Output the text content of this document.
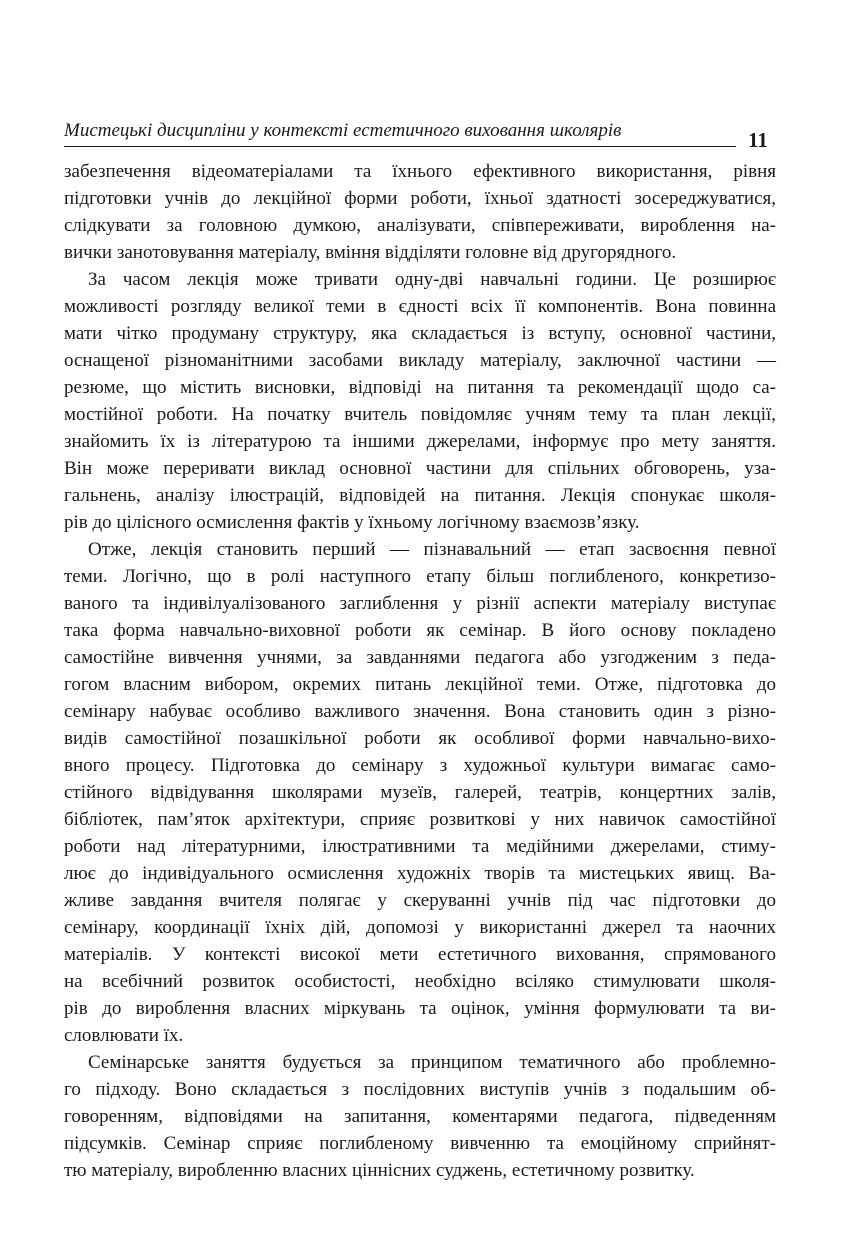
Мистецькі дисципліни у контексті естетичного виховання школярів	11
забезпечення відеоматеріалами та їхнього ефективного використання, рівня
підготовки учнів до лекційної форми роботи, їхньої здатності зосереджуватися,
слідкувати за головною думкою, аналізувати, співпереживати, вироблення на-
вички занотовування матеріалу, вміння відділяти головне від другорядного.
За часом лекція може тривати одну-дві навчальні години. Це розширює
можливості розгляду великої теми в єдності всіх її компонентів. Вона повинна
мати чітко продуману структуру, яка складається із вступу, основної частини,
оснащеної різноманітними засобами викладу матеріалу, заключної частини —
резюме, що містить висновки, відповіді на питання та рекомендації щодо са-
мостійної роботи. На початку вчитель повідомляє учням тему та план лекції,
знайомить їх із літературою та іншими джерелами, інформує про мету заняття.
Він може переривати виклад основної частини для спільних обговорень, уза-
гальнень, аналізу ілюстрацій, відповідей на питання. Лекція спонукає школя-
рів до цілісного осмислення фактів у їхньому логічному взаємозв’язку.
Отже, лекція становить перший — пізнавальний — етап засвоєння певної
теми. Логічно, що в ролі наступного етапу більш поглибленого, конкретизо-
ваного та індивілуалізованого заглиблення у різнії аспекти матеріалу виступає
така форма навчально-виховної роботи як семінар. В його основу покладено
самостійне вивчення учнями, за завданнями педагога або узгодженим з педа-
гогом власним вибором, окремих питань лекційної теми. Отже, підготовка до
семінару набуває особливо важливого значення. Вона становить один з різно-
видів самостійної позашкільної роботи як особливої форми навчально-вихо-
вного процесу. Підготовка до семінару з художньої культури вимагає само-
стійного відвідування школярами музеїв, галерей, театрів, концертних залів,
бібліотек, пам’яток архітектури, сприяє розвиткові у них навичок самостійної
роботи над літературними, ілюстративними та медійними джерелами, стиму-
лює до індивідуального осмислення художніх творів та мистецьких явищ. Ва-
жливе завдання вчителя полягає у скеруванні учнів під час підготовки до
семінару, координації їхніх дій, допомозі у використанні джерел та наочних
матеріалів. У контексті високої мети естетичного виховання, спрямованого
на всебічний розвиток особистості, необхідно всіляко стимулювати школя-
рів до вироблення власних міркувань та оцінок, уміння формулювати та ви-
словлювати їх.
Семінарське заняття будується за принципом тематичного або проблемно-
го підходу. Воно складається з послідовних виступів учнів з подальшим об-
говоренням, відповідями на запитання, коментарями педагога, підведенням
підсумків. Семінар сприяє поглибленому вивченню та емоційному сприйнят-
тю матеріалу, виробленню власних ціннісних суджень, естетичному розвитку.
